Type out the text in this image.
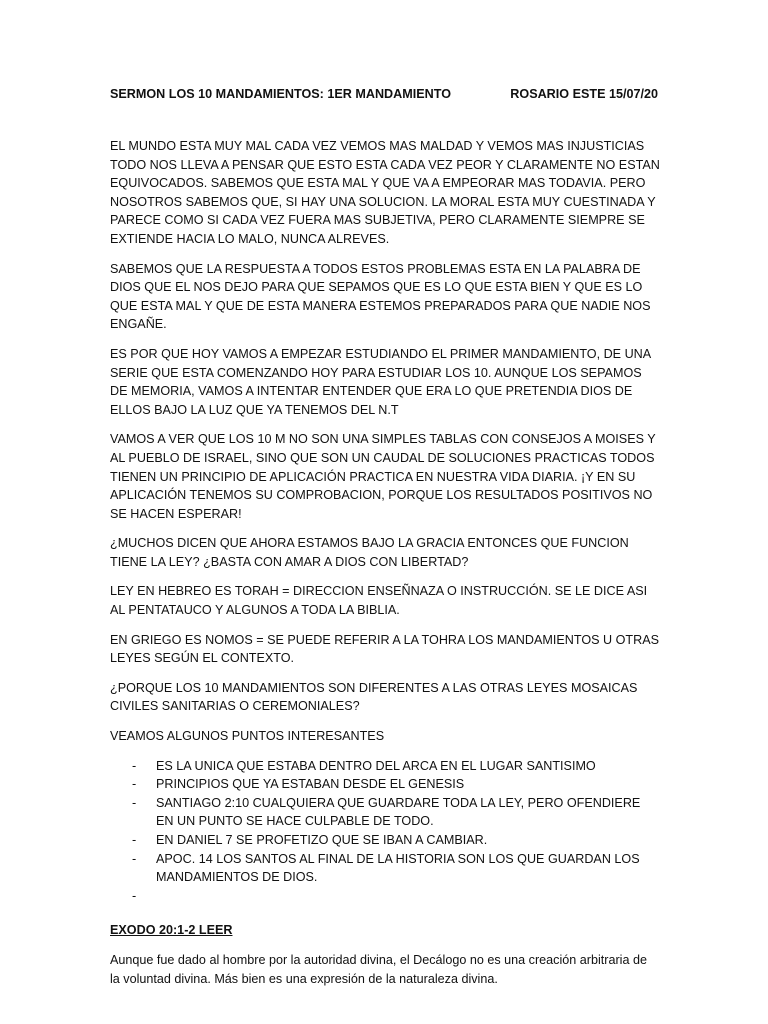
SERMON LOS 10 MANDAMIENTOS: 1ER MANDAMIENTO	ROSARIO ESTE 15/07/20

EL MUNDO ESTA MUY MAL CADA VEZ VEMOS MAS MALDAD Y VEMOS MAS INJUSTICIAS TODO NOS LLEVA A PENSAR QUE ESTO ESTA CADA VEZ PEOR Y CLARAMENTE NO ESTAN EQUIVOCADOS. SABEMOS QUE ESTA MAL Y QUE VA A EMPEORAR MAS TODAVIA. PERO NOSOTROS SABEMOS QUE, SI HAY UNA SOLUCION. LA MORAL ESTA MUY CUESTINADA Y PARECE COMO SI CADA VEZ FUERA MAS SUBJETIVA, PERO CLARAMENTE SIEMPRE SE EXTIENDE HACIA LO MALO, NUNCA ALREVES.

SABEMOS QUE LA RESPUESTA A TODOS ESTOS PROBLEMAS ESTA EN LA PALABRA DE DIOS QUE EL NOS DEJO PARA QUE SEPAMOS QUE ES LO QUE ESTA BIEN Y QUE ES LO QUE ESTA MAL Y QUE DE ESTA MANERA ESTEMOS PREPARADOS PARA QUE NADIE NOS ENGAÑE.

ES POR QUE HOY VAMOS A EMPEZAR ESTUDIANDO EL PRIMER MANDAMIENTO, DE UNA SERIE QUE ESTA COMENZANDO HOY PARA ESTUDIAR LOS 10. AUNQUE LOS SEPAMOS DE MEMORIA, VAMOS A INTENTAR ENTENDER QUE ERA LO QUE PRETENDIA DIOS DE ELLOS BAJO LA LUZ QUE YA TENEMOS DEL N.T

VAMOS A VER QUE LOS 10 M NO SON UNA SIMPLES TABLAS CON CONSEJOS A MOISES Y AL PUEBLO DE ISRAEL, SINO QUE SON UN CAUDAL DE SOLUCIONES PRACTICAS TODOS TIENEN UN PRINCIPIO DE APLICACIÓN PRACTICA EN NUESTRA VIDA DIARIA. ¡Y EN SU APLICACIÓN TENEMOS SU COMPROBACION, PORQUE LOS RESULTADOS POSITIVOS NO SE HACEN ESPERAR!

¿MUCHOS DICEN QUE AHORA ESTAMOS BAJO LA GRACIA ENTONCES QUE FUNCION TIENE LA LEY? ¿BASTA CON AMAR A DIOS CON LIBERTAD?

LEY EN HEBREO ES TORAH = DIRECCION ENSEÑNAZA O INSTRUCCIÓN. SE LE DICE ASI AL PENTATAUCO Y ALGUNOS A TODA LA BIBLIA.

EN GRIEGO ES NOMOS = SE PUEDE REFERIR A LA TOHRA LOS MANDAMIENTOS U OTRAS LEYES SEGÚN EL CONTEXTO.

¿PORQUE LOS 10 MANDAMIENTOS SON DIFERENTES A LAS OTRAS LEYES MOSAICAS CIVILES SANITARIAS O CEREMONIALES?

VEAMOS ALGUNOS PUNTOS INTERESANTES

- ES LA UNICA QUE ESTABA DENTRO DEL ARCA EN EL LUGAR SANTISIMO
- PRINCIPIOS QUE YA ESTABAN DESDE EL GENESIS
- SANTIAGO 2:10 CUALQUIERA QUE GUARDARE TODA LA LEY, PERO OFENDIERE EN UN PUNTO SE HACE CULPABLE DE TODO.
- EN DANIEL 7 SE PROFETIZO QUE SE IBAN A CAMBIAR.
- APOC. 14 LOS SANTOS AL FINAL DE LA HISTORIA SON LOS QUE GUARDAN LOS MANDAMIENTOS DE DIOS.
-
EXODO 20:1-2 LEER

Aunque fue dado al hombre por la autoridad divina, el Decálogo no es una creación arbitraria de la voluntad divina. Más bien es una expresión de la naturaleza divina.
